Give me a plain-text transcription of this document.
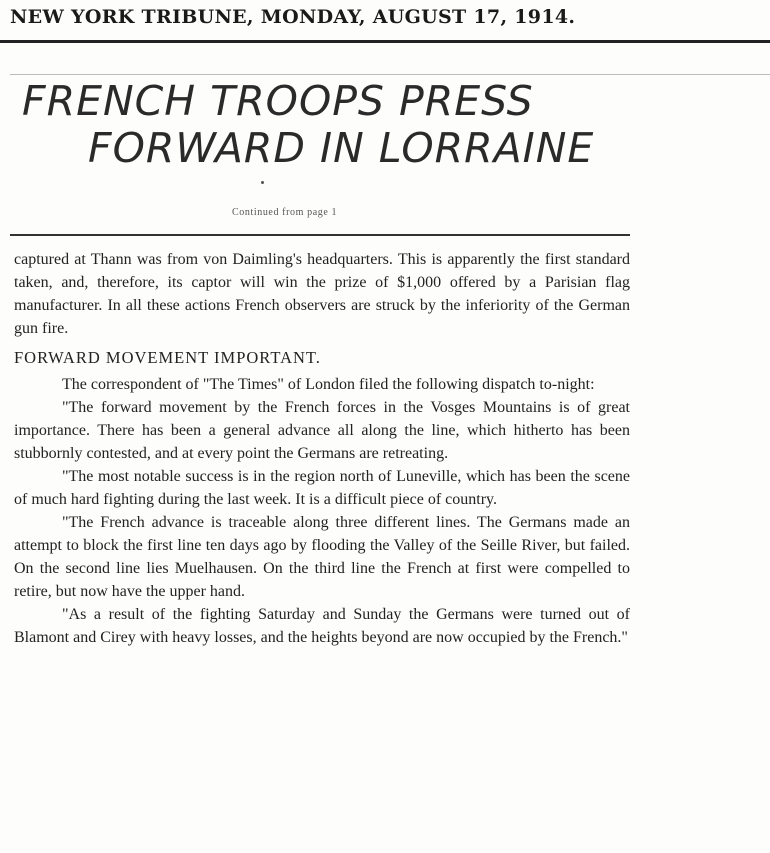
NEW YORK TRIBUNE, MONDAY, AUGUST 17, 1914.
FRENCH TROOPS PRESS
FORWARD IN LORRAINE
Continued from page 1

captured at Thann was from von Daimling's headquarters. This is apparently the first standard taken, and, therefore, its captor will win the prize of $1,000 offered by a Parisian flag manufacturer. In all these actions French observers are struck by the inferiority of the German gun fire.

FORWARD MOVEMENT IMPORTANT.

The correspondent of "The Times" of London filed the following dispatch to-night:

"The forward movement by the French forces in the Vosges Mountains is of great importance. There has been a general advance all along the line, which hitherto has been stubbornly contested, and at every point the Germans are retreating.

"The most notable success is in the region north of Luneville, which has been the scene of much hard fighting during the last week. It is a difficult piece of country.

"The French advance is traceable along three different lines. The Germans made an attempt to block the first line ten days ago by flooding the Valley of the Seille River, but failed. On the second line lies Muelhausen. On the third line the French at first were compelled to retire, but now have the upper hand.

"As a result of the fighting Saturday and Sunday the Germans were turned out of Blamont and Cirey with heavy losses, and the heights beyond are now occupied by the French."
